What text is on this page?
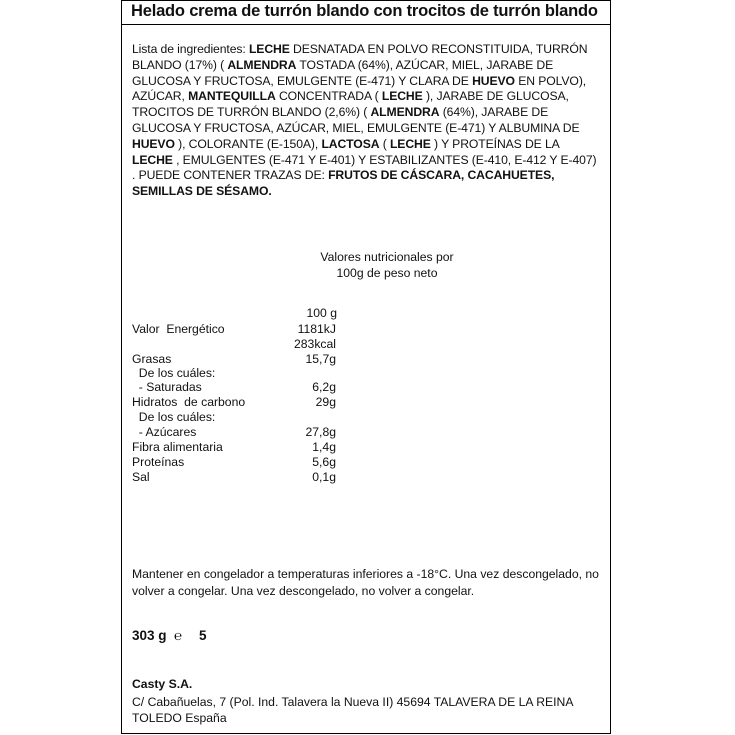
Helado crema de turrón blando con trocitos de turrón blando
Lista de ingredientes: LECHE DESNATADA EN POLVO RECONSTITUIDA, TURRÓN BLANDO (17%) ( ALMENDRA TOSTADA (64%), AZÚCAR, MIEL, JARABE DE GLUCOSA Y FRUCTOSA, EMULGENTE (E-471) Y CLARA DE HUEVO EN POLVO), AZÚCAR, MANTEQUILLA CONCENTRADA ( LECHE ), JARABE DE GLUCOSA, TROCITOS DE TURRÓN BLANDO (2,6%) ( ALMENDRA (64%), JARABE DE GLUCOSA Y FRUCTOSA, AZÚCAR, MIEL, EMULGENTE (E-471) Y ALBUMINA DE HUEVO ), COLORANTE (E-150A), LACTOSA ( LECHE ) Y PROTEÍNAS DE LA LECHE , EMULGENTES (E-471 Y E-401) Y ESTABILIZANTES (E-410, E-412 Y E-407) . PUEDE CONTENER TRAZAS DE: FRUTOS DE CÁSCARA, CACAHUETES, SEMILLAS DE SÉSAMO.
Valores nutricionales por 100g de peso neto
100 g
Valor  Energético	1181kJ
283kcal
Grasas	15,7g
De los cuáles:
- Saturadas	6,2g
Hidratos  de carbono	29g
De los cuáles:
- Azúcares	27,8g
Fibra alimentaria	1,4g
Proteínas	5,6g
Sal	0,1g
Mantener en congelador a temperaturas inferiores a -18°C. Una vez descongelado, no volver a congelar. Una vez descongelado, no volver a congelar.
303 g ℮ 5
Casty S.A.
C/ Cabañuelas, 7 (Pol. Ind. Talavera la Nueva II) 45694 TALAVERA DE LA REINA TOLEDO España
